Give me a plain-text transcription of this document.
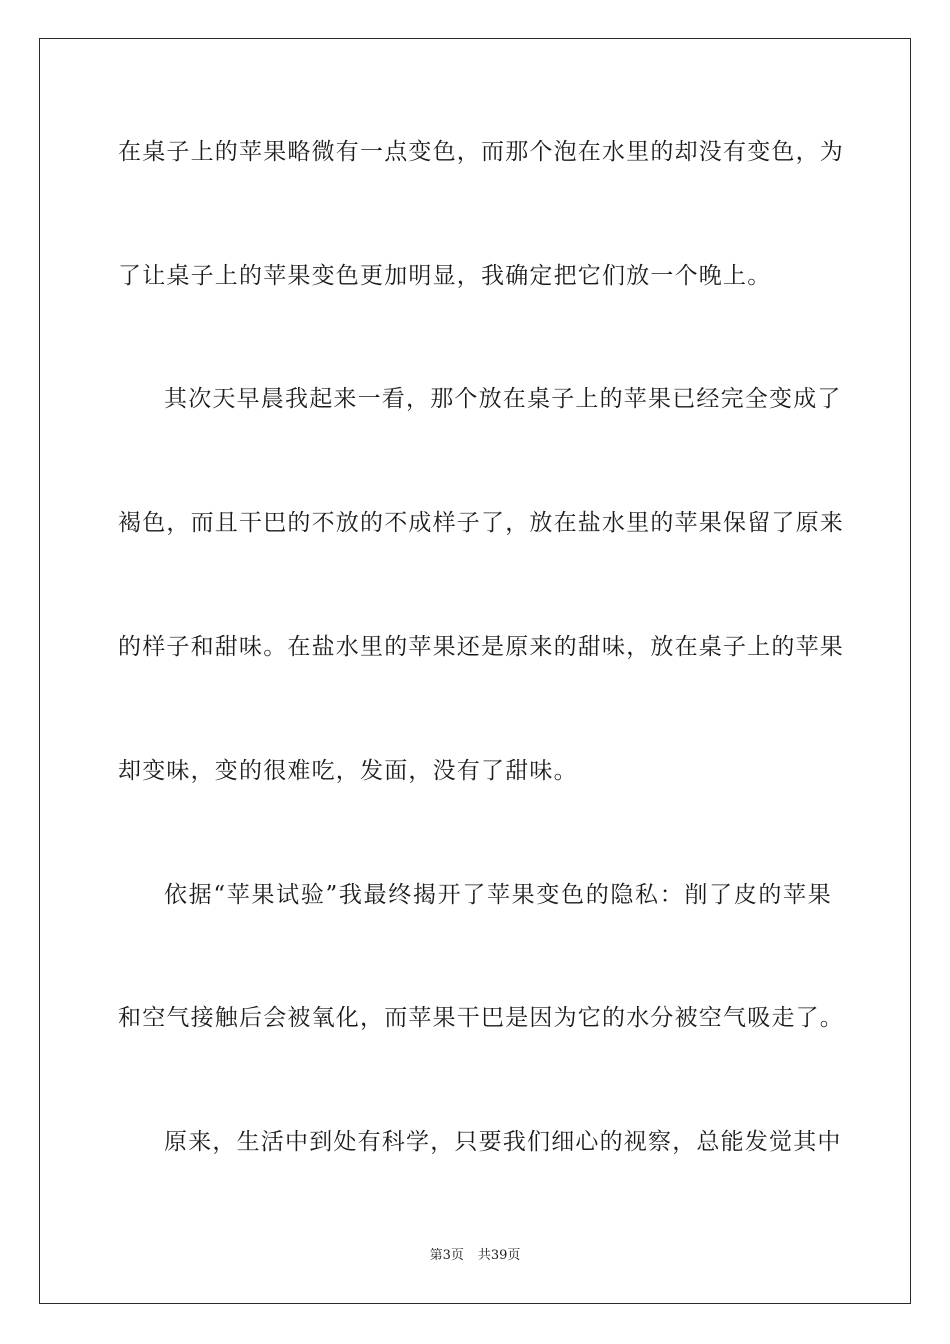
在桌子上的苹果略微有一点变色，而那个泡在水里的却没有变色，为
了让桌子上的苹果变色更加明显，我确定把它们放一个晚上。
其次天早晨我起来一看，那个放在桌子上的苹果已经完全变成了
褐色，而且干巴的不放的不成样子了，放在盐水里的苹果保留了原来
的样子和甜味。在盐水里的苹果还是原来的甜味，放在桌子上的苹果
却变味，变的很难吃，发面，没有了甜味。
依据“苹果试验”我最终揭开了苹果变色的隐私：削了皮的苹果
和空气接触后会被氧化，而苹果干巴是因为它的水分被空气吸走了。
原来，生活中到处有科学，只要我们细心的视察，总能发觉其中
第3页 共39页
